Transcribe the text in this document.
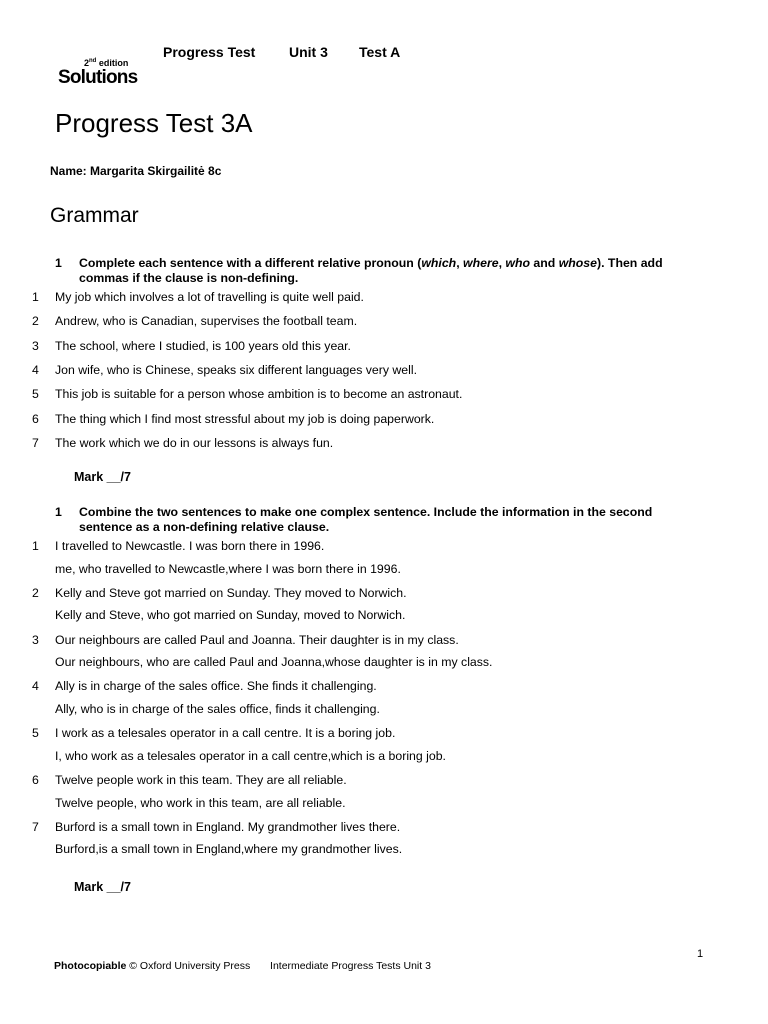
Progress Test	Unit 3	Test A
2nd edition
Solutions
Progress Test 3A
Name: Margarita Skirgailitė 8c
Grammar
1 Complete each sentence with a different relative pronoun (which, where, who and whose). Then add commas if the clause is non-defining.
1 My job which involves a lot of travelling is quite well paid.
2 Andrew, who is Canadian, supervises the football team.
3 The school, where I studied, is 100 years old this year.
4 Jon wife, who is Chinese, speaks six different languages very well.
5 This job is suitable for a person whose ambition is to become an astronaut.
6 The thing which I find most stressful about my job is doing paperwork.
7 The work which we do in our lessons is always fun.
Mark __/7
1 Combine the two sentences to make one complex sentence. Include the information in the second sentence as a non-defining relative clause.
1 I travelled to Newcastle. I was born there in 1996.
me, who travelled to Newcastle,where I was born there in 1996.
2 Kelly and Steve got married on Sunday. They moved to Norwich.
Kelly and Steve, who got married on Sunday, moved to Norwich.
3 Our neighbours are called Paul and Joanna. Their daughter is in my class.
Our neighbours, who are called Paul and Joanna,whose daughter is in my class.
4 Ally is in charge of the sales office. She finds it challenging.
Ally, who is in charge of the sales office, finds it challenging.
5 I work as a telesales operator in a call centre. It is a boring job.
I, who work as a telesales operator in a call centre,which is a boring job.
6 Twelve people work in this team. They are all reliable.
Twelve people, who work in this team, are all reliable.
7 Burford is a small town in England. My grandmother lives there.
Burford,is a small town in England,where my grandmother lives.
Mark __/7
1
Photocopiable © Oxford University Press Intermediate Progress Tests Unit 3
